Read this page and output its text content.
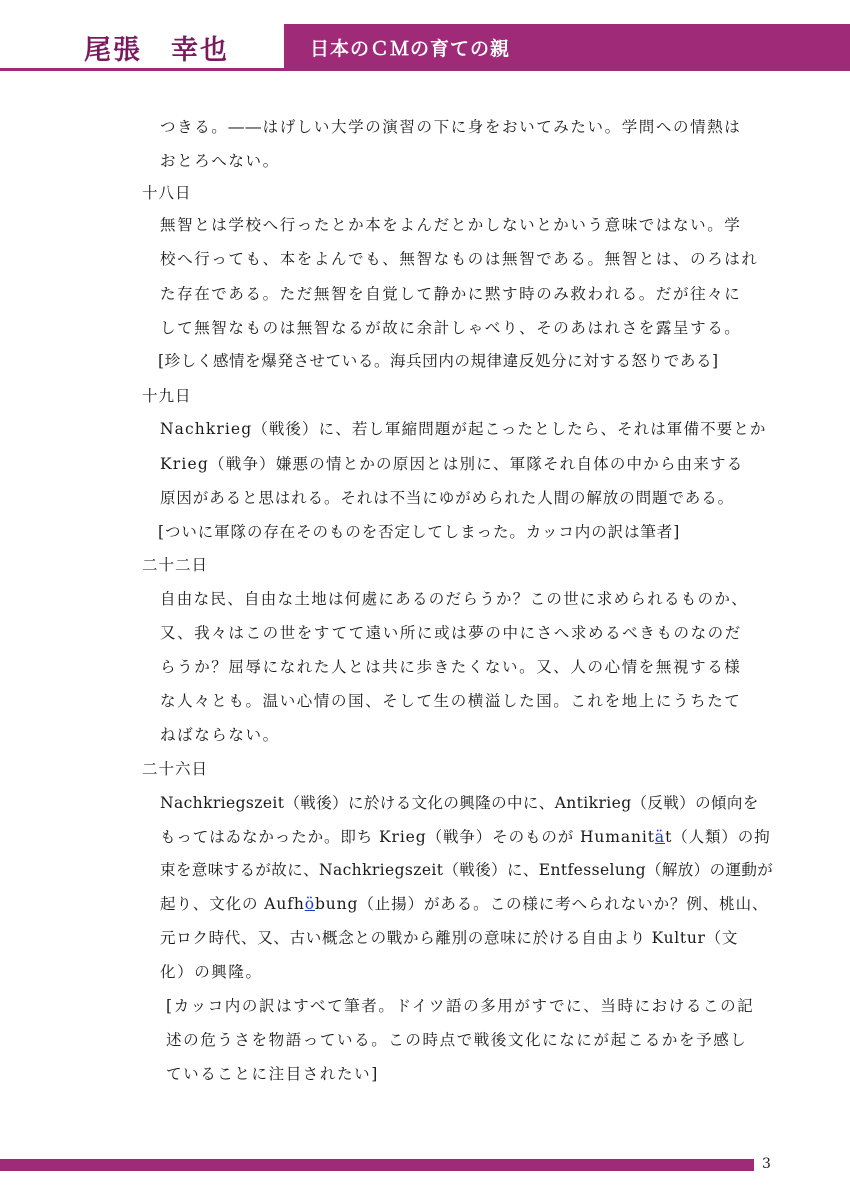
尾張　幸也	日本のＣＭの育ての親
つきる。――はげしい大学の演習の下に身をおいてみたい。学問への情熱は
おとろへない。
十八日
無智とは学校へ行ったとか本をよんだとかしないとかいう意味ではない。学
校へ行っても、本をよんでも、無智なものは無智である。無智とは、のろはれ
た存在である。ただ無智を自覚して静かに黙す時のみ救われる。だが往々に
して無智なものは無智なるが故に余計しゃべり、そのあはれさを露呈する。
[珍しく感情を爆発させている。海兵団内の規律違反処分に対する怒りである]
十九日
Nachkrieg（戦後）に、若し軍縮問題が起こったとしたら、それは軍備不要とか
Krieg（戦争）嫌悪の情とかの原因とは別に、軍隊それ自体の中から由来する
原因があると思はれる。それは不当にゆがめられた人間の解放の問題である。
[ついに軍隊の存在そのものを否定してしまった。カッコ内の訳は筆者]
二十二日
自由な民、自由な土地は何處にあるのだらうか？この世に求められるものか、
又、我々はこの世をすてて遠い所に或は夢の中にさへ求めるべきものなのだ
らうか？屈辱になれた人とは共に歩きたくない。又、人の心情を無視する様
な人々とも。温い心情の国、そして生の横溢した国。これを地上にうちたて
ねばならない。
二十六日
Nachkriegszeit（戦後）に於ける文化の興隆の中に、Antikrieg（反戦）の傾向を
もってはゐなかったか。即ち Krieg（戦争）そのものが Humanität（人類）の拘
束を意味するが故に、Nachkriegszeit（戦後）に、Entfesselung（解放）の運動が
起り、文化の Aufhöbung（止揚）がある。この様に考へられないか？例、桃山、
元ロク時代、又、古い概念との戰から離別の意味に於ける自由より Kultur（文
化）の興隆。
[カッコ内の訳はすべて筆者。ドイツ語の多用がすでに、当時におけるこの記
述の危うさを物語っている。この時点で戦後文化になにが起こるかを予感し
ていることに注目されたい]
3
